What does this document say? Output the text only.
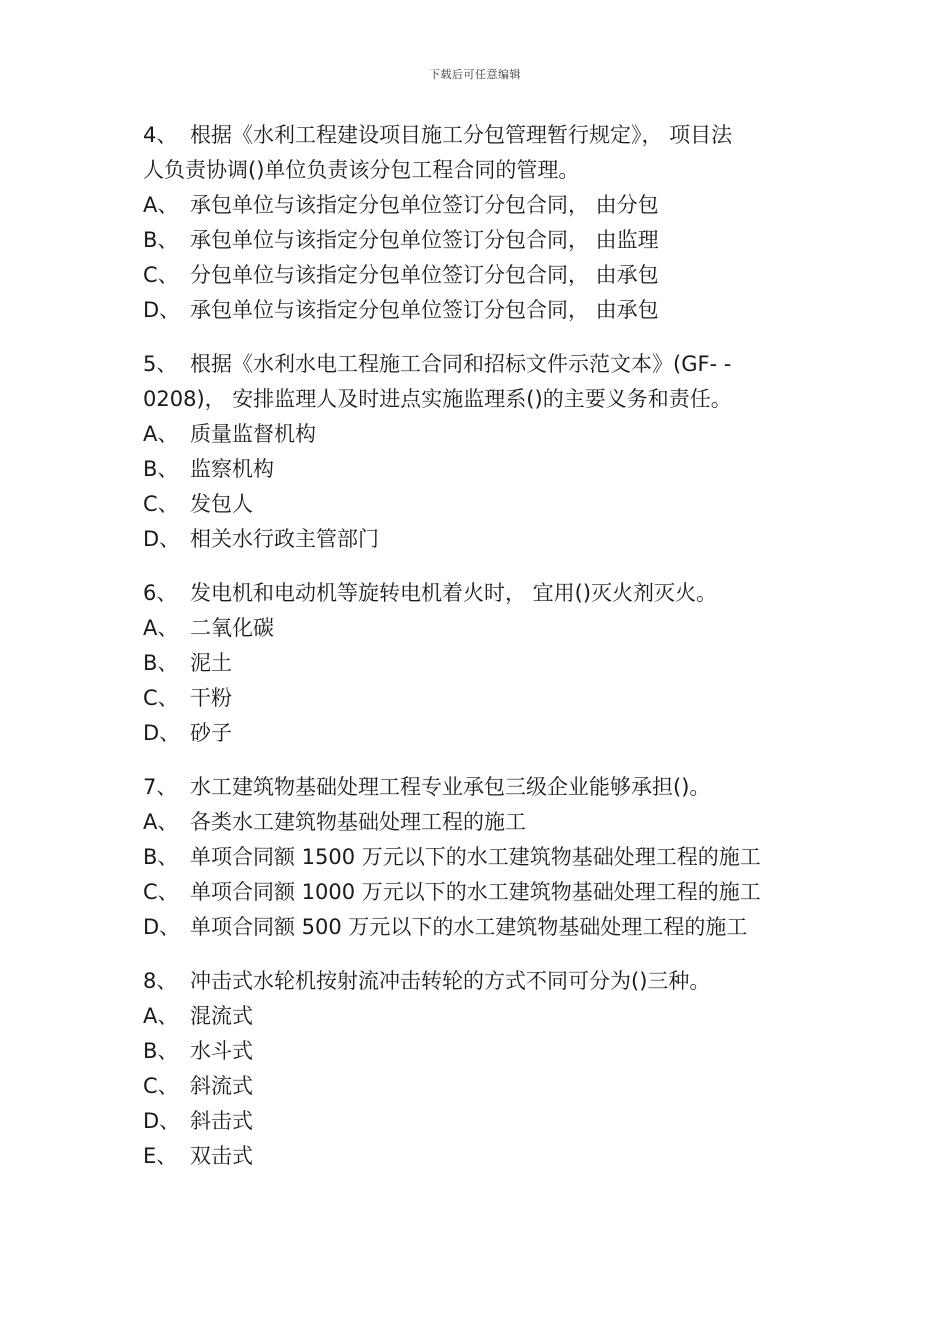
下载后可任意编辑
4、 根据《水利工程建设项目施工分包管理暂行规定》， 项目法
人负责协调()单位负责该分包工程合同的管理。
A、 承包单位与该指定分包单位签订分包合同， 由分包
B、 承包单位与该指定分包单位签订分包合同， 由监理
C、 分包单位与该指定分包单位签订分包合同， 由承包
D、 承包单位与该指定分包单位签订分包合同， 由承包
5、 根据《水利水电工程施工合同和招标文件示范文本》(GF- -
0208)， 安排监理人及时进点实施监理系()的主要义务和责任。
A、 质量监督机构
B、 监察机构
C、 发包人
D、 相关水行政主管部门
6、 发电机和电动机等旋转电机着火时， 宜用()灭火剂灭火。
A、 二氧化碳
B、 泥土
C、 干粉
D、 砂子
7、 水工建筑物基础处理工程专业承包三级企业能够承担()。
A、 各类水工建筑物基础处理工程的施工
B、 单项合同额 1500 万元以下的水工建筑物基础处理工程的施工
C、 单项合同额 1000 万元以下的水工建筑物基础处理工程的施工
D、 单项合同额 500 万元以下的水工建筑物基础处理工程的施工
8、 冲击式水轮机按射流冲击转轮的方式不同可分为()三种。
A、 混流式
B、 水斗式
C、 斜流式
D、 斜击式
E、 双击式
